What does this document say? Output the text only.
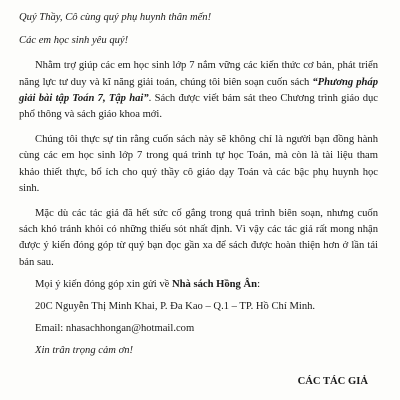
Quý Thầy, Cô cùng quý phụ huynh thân mến!

Các em học sinh yêu quý!

Nhằm trợ giúp các em học sinh lớp 7 nắm vững các kiến thức cơ bản, phát triển năng lực tư duy và kĩ năng giải toán, chúng tôi biên soạn cuốn sách “Phương pháp giải bài tập Toán 7, Tập hai”. Sách được viết bám sát theo Chương trình giáo dục phổ thông và sách giáo khoa mới.

Chúng tôi thực sự tin rằng cuốn sách này sẽ không chỉ là người bạn đồng hành cùng các em học sinh lớp 7 trong quá trình tự học Toán, mà còn là tài liệu tham khảo thiết thực, bổ ích cho quý thầy cô giáo dạy Toán và các bậc phụ huynh học sinh.

Mặc dù các tác giả đã hết sức cố gắng trong quá trình biên soạn, nhưng cuốn sách khó tránh khỏi có những thiếu sót nhất định. Vì vậy các tác giả rất mong nhận được ý kiến đóng góp từ quý bạn đọc gần xa để sách được hoàn thiện hơn ở lần tái bản sau.

Mọi ý kiến đóng góp xin gửi về Nhà sách Hồng Ân:

20C Nguyễn Thị Minh Khai, P. Đa Kao – Q.1 – TP. Hồ Chí Minh.

Email: nhasachhongan@hotmail.com

Xin trân trọng cảm ơn!

CÁC TÁC GIẢ
